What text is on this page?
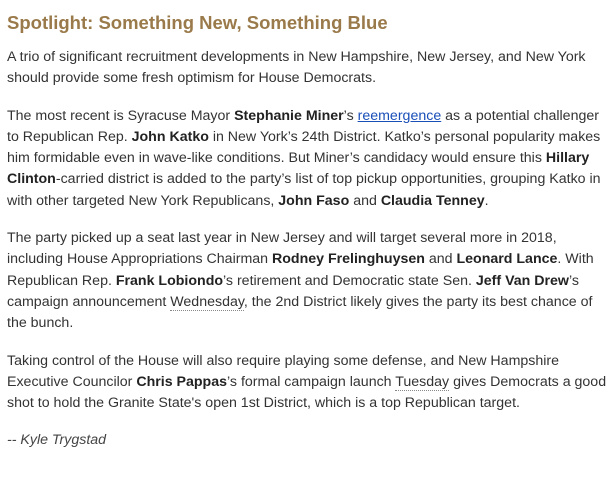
Spotlight: Something New, Something Blue

A trio of significant recruitment developments in New Hampshire, New Jersey, and New York should provide some fresh optimism for House Democrats.

The most recent is Syracuse Mayor Stephanie Miner’s reemergence as a potential challenger to Republican Rep. John Katko in New York’s 24th District. Katko’s personal popularity makes him formidable even in wave-like conditions. But Miner’s candidacy would ensure this Hillary Clinton-carried district is added to the party’s list of top pickup opportunities, grouping Katko in with other targeted New York Republicans, John Faso and Claudia Tenney.

The party picked up a seat last year in New Jersey and will target several more in 2018, including House Appropriations Chairman Rodney Frelinghuysen and Leonard Lance. With Republican Rep. Frank Lobiondo’s retirement and Democratic state Sen. Jeff Van Drew’s campaign announcement Wednesday, the 2nd District likely gives the party its best chance of the bunch.

Taking control of the House will also require playing some defense, and New Hampshire Executive Councilor Chris Pappas’s formal campaign launch Tuesday gives Democrats a good shot to hold the Granite State's open 1st District, which is a top Republican target.

-- Kyle Trygstad
